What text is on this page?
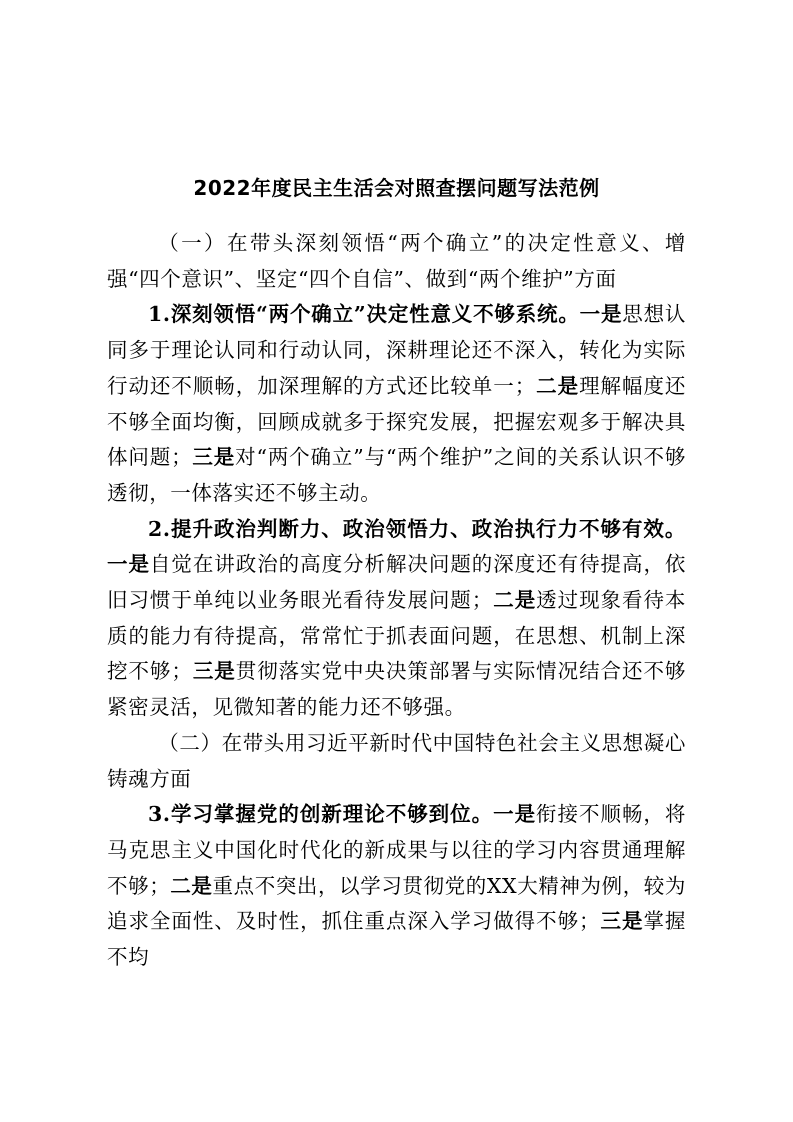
2022年度民主生活会对照查摆问题写法范例

（一）在带头深刻领悟“两个确立”的决定性意义、增强“四个意识”、坚定“四个自信”、做到“两个维护”方面

1.深刻领悟“两个确立”决定性意义不够系统。一是思想认同多于理论认同和行动认同，深耕理论还不深入，转化为实际行动还不顺畅，加深理解的方式还比较单一；二是理解幅度还不够全面均衡，回顾成就多于探究发展，把握宏观多于解决具体问题；三是对“两个确立”与“两个维护”之间的关系认识不够透彻，一体落实还不够主动。

2.提升政治判断力、政治领悟力、政治执行力不够有效。一是自觉在讲政治的高度分析解决问题的深度还有待提高，依旧习惯于单纯以业务眼光看待发展问题；二是透过现象看待本质的能力有待提高，常常忙于抓表面问题，在思想、机制上深挖不够；三是贯彻落实党中央决策部署与实际情况结合还不够紧密灵活，见微知著的能力还不够强。

（二）在带头用习近平新时代中国特色社会主义思想凝心铸魂方面

3.学习掌握党的创新理论不够到位。一是衔接不顺畅，将马克思主义中国化时代化的新成果与以往的学习内容贯通理解不够；二是重点不突出，以学习贯彻党的XX大精神为例，较为追求全面性、及时性，抓住重点深入学习做得不够；三是掌握不均
